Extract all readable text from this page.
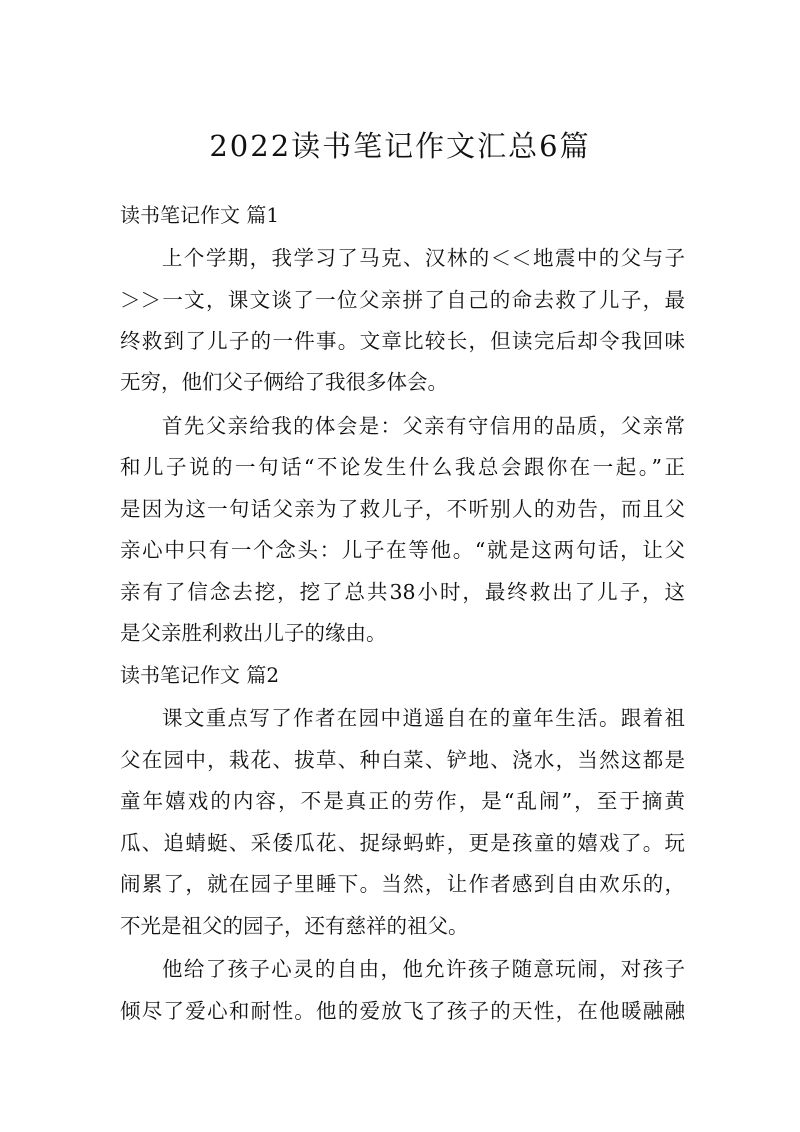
2022读书笔记作文汇总6篇
读书笔记作文 篇1
上个学期，我学习了马克、汉林的＜＜地震中的父与子
＞＞一文，课文谈了一位父亲拼了自己的命去救了儿子，最
终救到了儿子的一件事。文章比较长，但读完后却令我回味
无穷，他们父子俩给了我很多体会。
首先父亲给我的体会是：父亲有守信用的品质，父亲常
和儿子说的一句话“不论发生什么我总会跟你在一起。”正
是因为这一句话父亲为了救儿子，不听别人的劝告，而且父
亲心中只有一个念头：儿子在等他。“就是这两句话，让父
亲有了信念去挖，挖了总共38小时，最终救出了儿子，这
是父亲胜利救出儿子的缘由。
读书笔记作文 篇2
课文重点写了作者在园中逍遥自在的童年生活。跟着祖
父在园中，栽花、拔草、种白菜、铲地、浇水，当然这都是
童年嬉戏的内容，不是真正的劳作，是“乱闹”，至于摘黄
瓜、追蜻蜓、采倭瓜花、捉绿蚂蚱，更是孩童的嬉戏了。玩
闹累了，就在园子里睡下。当然，让作者感到自由欢乐的，
不光是祖父的园子，还有慈祥的祖父。
他给了孩子心灵的自由，他允许孩子随意玩闹，对孩子
倾尽了爱心和耐性。他的爱放飞了孩子的天性，在他暖融融
